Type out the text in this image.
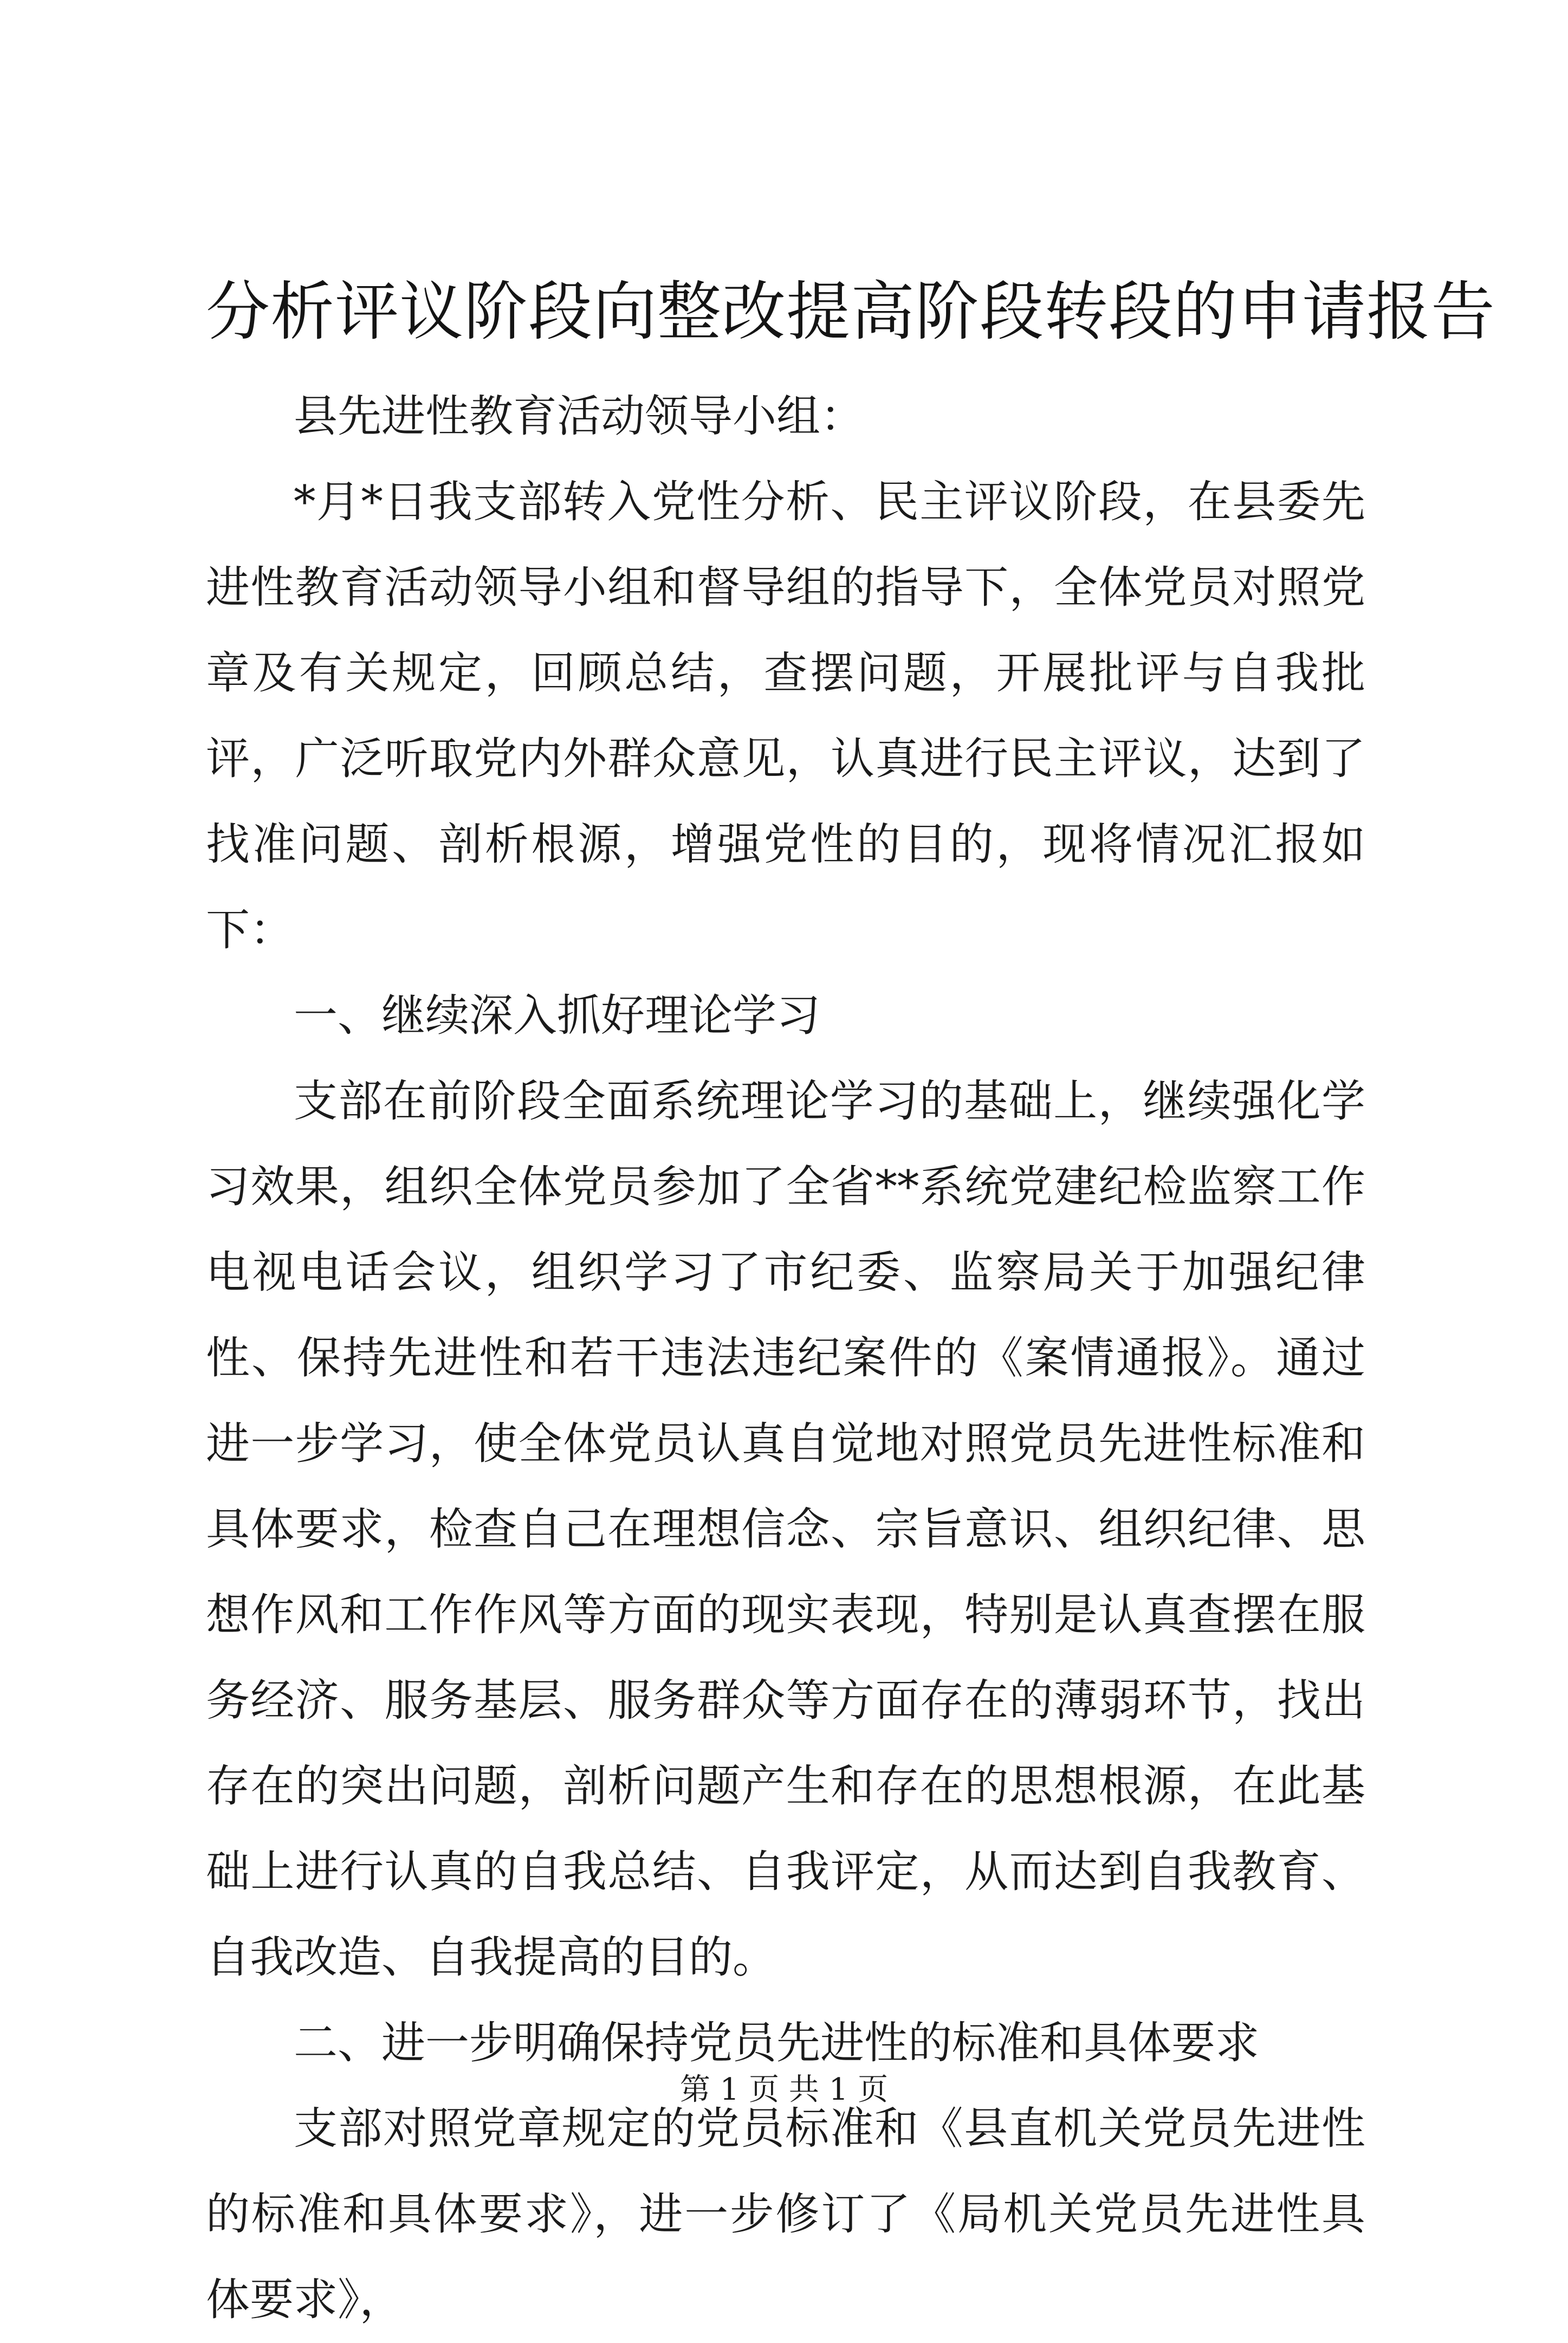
分析评议阶段向整改提高阶段转段的申请报告

县先进性教育活动领导小组：

*月*日我支部转入党性分析、民主评议阶段，在县委先进性教育活动领导小组和督导组的指导下，全体党员对照党章及有关规定，回顾总结，查摆问题，开展批评与自我批评，广泛听取党内外群众意见，认真进行民主评议，达到了找准问题、剖析根源，增强党性的目的，现将情况汇报如下：

一、继续深入抓好理论学习

支部在前阶段全面系统理论学习的基础上，继续强化学习效果，组织全体党员参加了全省**系统党建纪检监察工作电视电话会议，组织学习了市纪委、监察局关于加强纪律性、保持先进性和若干违法违纪案件的《案情通报》。通过进一步学习，使全体党员认真自觉地对照党员先进性标准和具体要求，检查自己在理想信念、宗旨意识、组织纪律、思想作风和工作作风等方面的现实表现，特别是认真查摆在服务经济、服务基层、服务群众等方面存在的薄弱环节，找出存在的突出问题，剖析问题产生和存在的思想根源，在此基础上进行认真的自我总结、自我评定，从而达到自我教育、自我改造、自我提高的目的。

二、进一步明确保持党员先进性的标准和具体要求

支部对照党章规定的党员标准和《县直机关党员先进性的标准和具体要求》，进一步修订了《局机关党员先进性具体要求》，

第 1 页 共 1 页
